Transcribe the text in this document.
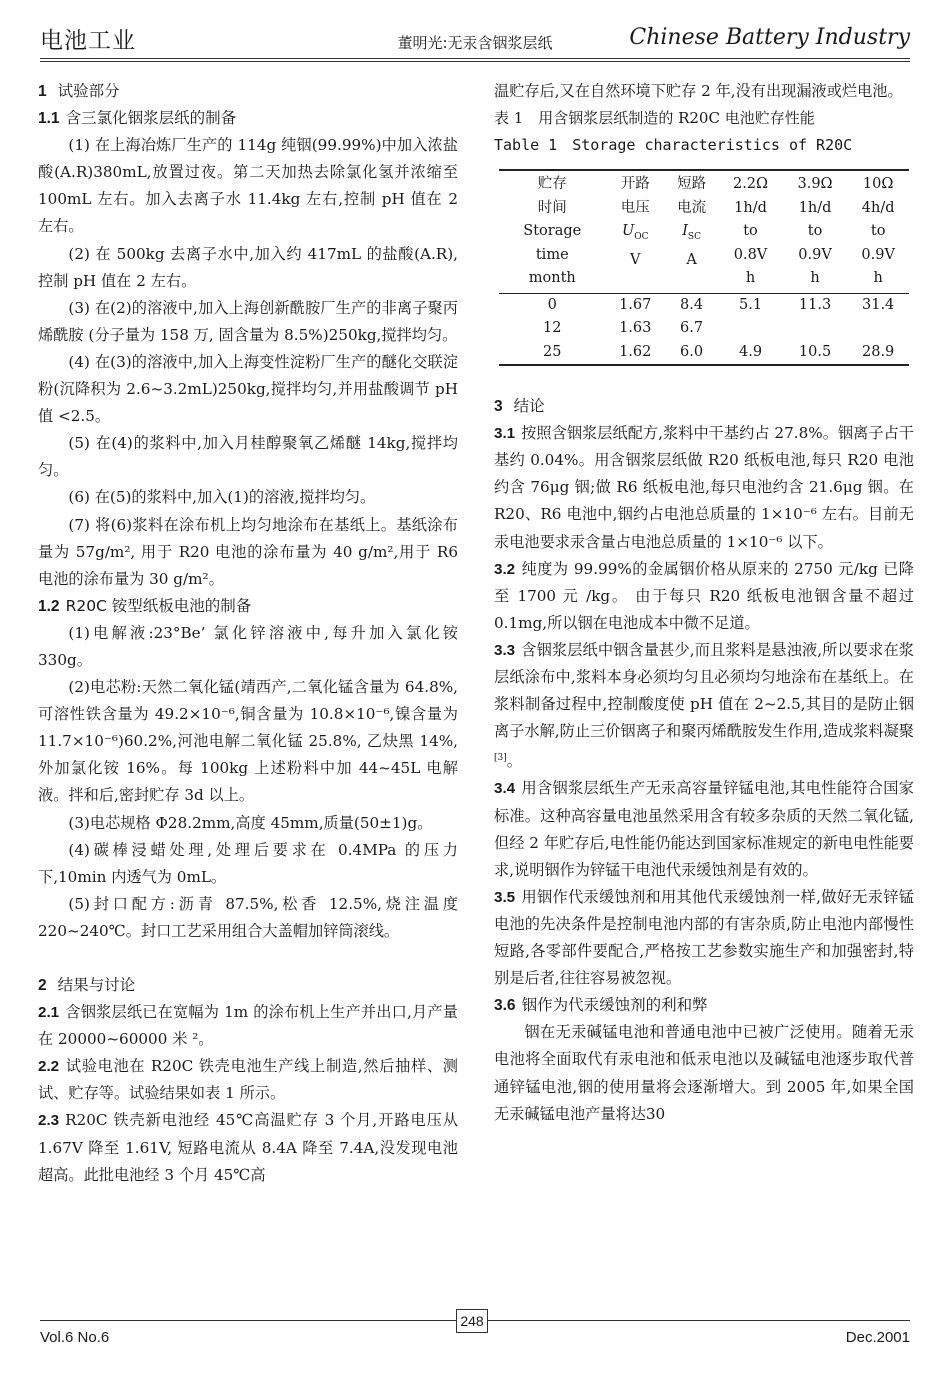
电池工业	董明光:无汞含铟浆层纸	Chinese Battery Industry

1 试验部分

1.1 含三氯化铟浆层纸的制备

(1) 在上海冶炼厂生产的 114g 纯铟(99.99%)中加入浓盐酸(A.R)380mL,放置过夜。第二天加热去除氯化氢并浓缩至 100mL 左右。加入去离子水 11.4kg 左右,控制 pH 值在 2 左右。

(2) 在 500kg 去离子水中,加入约 417mL 的盐酸(A.R),控制 pH 值在 2 左右。

(3) 在(2)的溶液中,加入上海创新酰胺厂生产的非离子聚丙烯酰胺 (分子量为 158 万, 固含量为 8.5%)250kg,搅拌均匀。

(4) 在(3)的溶液中,加入上海变性淀粉厂生产的醚化交联淀粉(沉降积为 2.6~3.2mL)250kg,搅拌均匀,并用盐酸调节 pH 值 <2.5。

(5) 在(4)的浆料中,加入月桂醇聚氧乙烯醚 14kg,搅拌均匀。

(6) 在(5)的浆料中,加入(1)的溶液,搅拌均匀。

(7) 将(6)浆料在涂布机上均匀地涂布在基纸上。基纸涂布量为 57g/m², 用于 R20 电池的涂布量为 40 g/m²,用于 R6 电池的涂布量为 30 g/m²。

1.2 R20C 铵型纸板电池的制备

(1)电解液:23°Be’ 氯化锌溶液中,每升加入氯化铵 330g。

(2)电芯粉:天然二氧化锰(靖西产,二氧化锰含量为 64.8%,可溶性铁含量为 49.2×10⁻⁶,铜含量为 10.8×10⁻⁶,镍含量为 11.7×10⁻⁶)60.2%,河池电解二氧化锰 25.8%, 乙炔黑 14%, 外加氯化铵 16%。每 100kg 上述粉料中加 44~45L 电解液。拌和后,密封贮存 3d 以上。

(3)电芯规格 Φ28.2mm,高度 45mm,质量(50±1)g。

(4)碳棒浸蜡处理,处理后要求在 0.4MPa 的压力下,10min 内透气为 0mL。

(5)封口配方:沥青 87.5%,松香 12.5%,烧注温度 220~240℃。封口工艺采用组合大盖帽加锌筒滚线。

2 结果与讨论

2.1 含铟浆层纸已在宽幅为 1m 的涂布机上生产并出口,月产量在 20000~60000 米 ²。

2.2 试验电池在 R20C 铁壳电池生产线上制造,然后抽样、测试、贮存等。试验结果如表 1 所示。

2.3 R20C 铁壳新电池经 45℃高温贮存 3 个月,开路电压从 1.67V 降至 1.61V, 短路电流从 8.4A 降至 7.4A,没发现电池超高。此批电池经 3 个月 45℃高

温贮存后,又在自然环境下贮存 2 年,没有出现漏液或烂电池。

表 1　用含铟浆层纸制造的 R20C 电池贮存性能

Table 1　Storage characteristics of R20C

贮存
时间
Storage
time
month	开路
电压
$U_{OC}$
V	短路
电流
$I_{SC}$
A	2.2Ω
1h/d
to
0.8V
h	3.9Ω
1h/d
to
0.9V
h	10Ω
4h/d
to
0.9V
h

0	1.67	8.4	5.1	11.3	31.4
12	1.63	6.7			
25	1.62	6.0	4.9	10.5	28.9

3 结论

3.1 按照含铟浆层纸配方,浆料中干基约占 27.8%。铟离子占干基约 0.04%。用含铟浆层纸做 R20 纸板电池,每只 R20 电池约含 76μg 铟;做 R6 纸板电池,每只电池约含 21.6μg 铟。在 R20、R6 电池中,铟约占电池总质量的 1×10⁻⁶ 左右。目前无汞电池要求汞含量占电池总质量的 1×10⁻⁶ 以下。

3.2 纯度为 99.99%的金属铟价格从原来的 2750 元/kg 已降至 1700 元 /kg。 由于每只 R20 纸板电池铟含量不超过 0.1mg,所以铟在电池成本中微不足道。

3.3 含铟浆层纸中铟含量甚少,而且浆料是悬浊液,所以要求在浆层纸涂布中,浆料本身必须均匀且必须均匀地涂布在基纸上。在浆料制备过程中,控制酸度使 pH 值在 2~2.5,其目的是防止铟离子水解,防止三价铟离子和聚丙烯酰胺发生作用,造成浆料凝聚[3]。

3.4 用含铟浆层纸生产无汞高容量锌锰电池,其电性能符合国家标准。这种高容量电池虽然采用含有较多杂质的天然二氧化锰,但经 2 年贮存后,电性能仍能达到国家标准规定的新电电性能要求,说明铟作为锌锰干电池代汞缓蚀剂是有效的。

3.5 用铟作代汞缓蚀剂和用其他代汞缓蚀剂一样,做好无汞锌锰电池的先决条件是控制电池内部的有害杂质,防止电池内部慢性短路,各零部件要配合,严格按工艺参数实施生产和加强密封,特别是后者,往往容易被忽视。

3.6 铟作为代汞缓蚀剂的利和弊

铟在无汞碱锰电池和普通电池中已被广泛使用。随着无汞电池将全面取代有汞电池和低汞电池以及碱锰电池逐步取代普通锌锰电池,铟的使用量将会逐渐增大。到 2005 年,如果全国无汞碱锰电池产量将达30

Vol.6 No.6
248
Dec.2001
